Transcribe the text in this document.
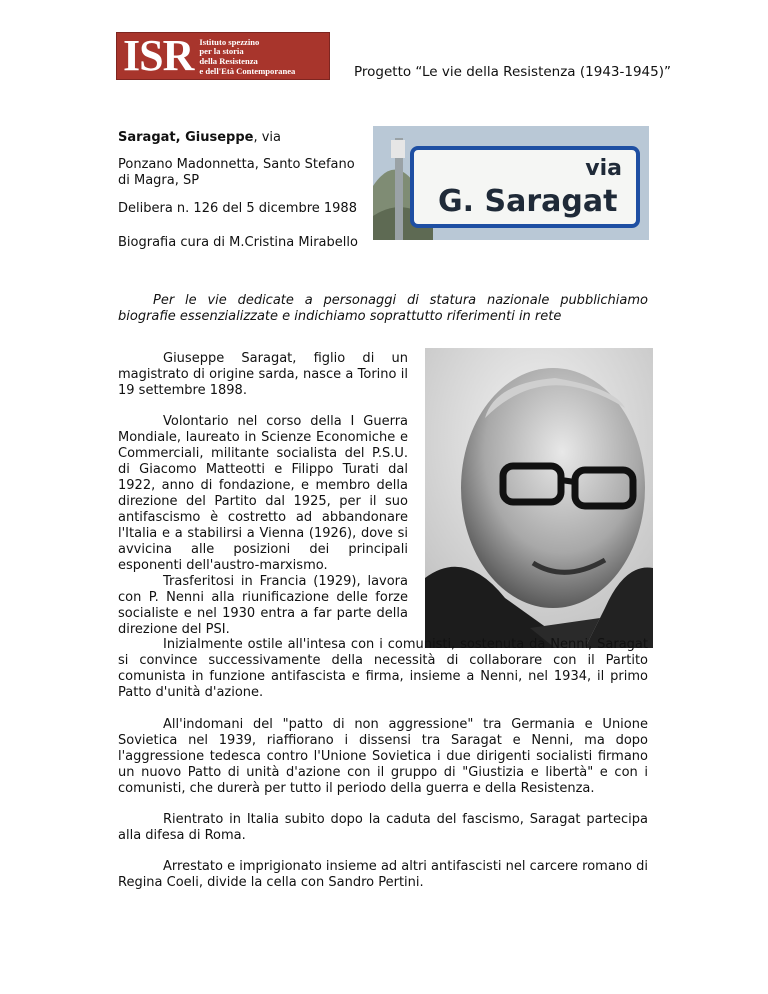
ISR Istituto spezzino
per la storia
della Resistenza
e dell'Età Contemporanea	Progetto “Le vie della Resistenza (1943-1945)”

Saragat, Giuseppe, via

Ponzano Madonnetta, Santo Stefano di Magra, SP

Delibera n. 126 del 5 dicembre 1988

Biografia cura di M.Cristina Mirabello

via
G. Saragat

Per le vie dedicate a personaggi di statura nazionale pubblichiamo biografie essenzializzate e indichiamo soprattutto riferimenti in rete

Giuseppe Saragat, figlio di un magistrato di origine sarda, nasce a Torino il 19 settembre 1898.

Volontario nel corso della I Guerra Mondiale, laureato in Scienze Economiche e Commerciali, militante socialista del P.S.U. di Giacomo Matteotti e Filippo Turati dal 1922, anno di fondazione, e membro della direzione del Partito dal 1925, per il suo antifascismo è costretto ad abbandonare l'Italia e a stabilirsi a Vienna (1926), dove si avvicina alle posizioni dei principali esponenti dell'austro-marxismo.

Trasferitosi in Francia (1929), lavora con P. Nenni alla riunificazione delle forze socialiste e nel 1930 entra a far parte della direzione del PSI.

Inizialmente ostile all'intesa con i comunisti, sostenuta da Nenni, Saragat si convince successivamente della necessità di collaborare con il Partito comunista in funzione antifascista e firma, insieme a Nenni, nel 1934, il primo Patto d'unità d'azione.

All'indomani del "patto di non aggressione" tra Germania e Unione Sovietica nel 1939, riaffiorano i dissensi tra Saragat e Nenni, ma dopo l'aggressione tedesca contro l'Unione Sovietica i due dirigenti socialisti firmano un nuovo Patto di unità d'azione con il gruppo di "Giustizia e libertà" e con i comunisti, che durerà per tutto il periodo della guerra e della Resistenza.

Rientrato in Italia subito dopo la caduta del fascismo, Saragat partecipa alla difesa di Roma.

Arrestato e imprigionato insieme ad altri antifascisti nel carcere romano di Regina Coeli, divide la cella con Sandro Pertini.
